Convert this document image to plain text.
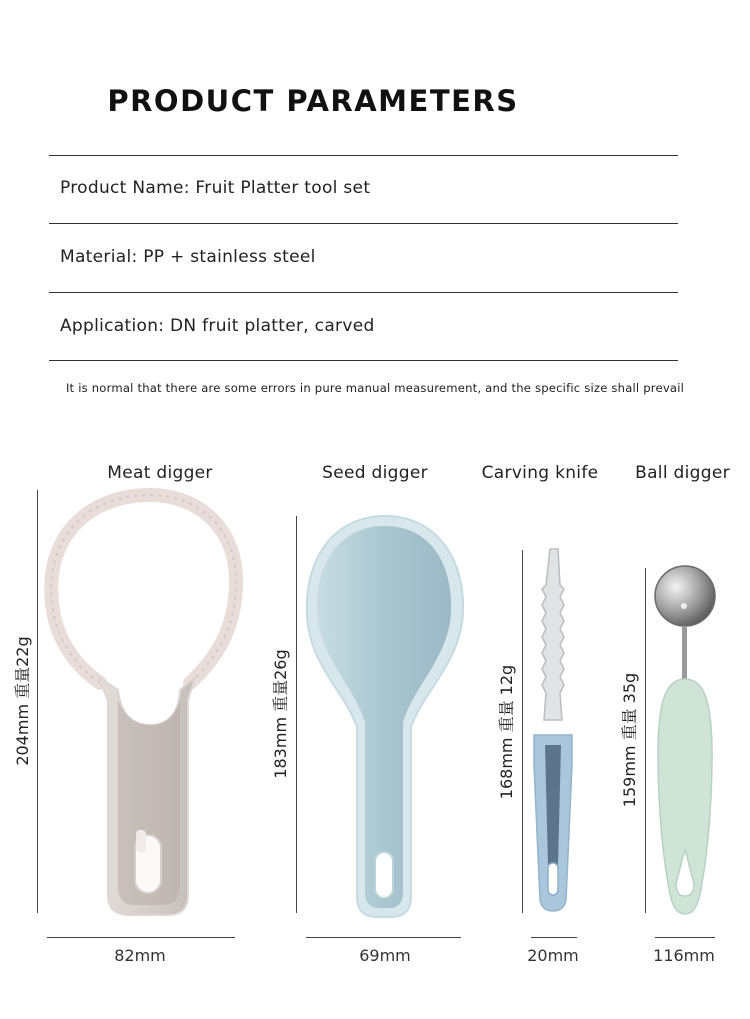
PRODUCT PARAMETERS
Product Name: Fruit Platter tool set
Material: PP + stainless steel
Application: DN fruit platter, carved
It is normal that there are some errors in pure manual measurement, and the specific size shall prevail
Meat digger	Seed digger	Carving knife	Ball digger
204mm 重量22g	183mm 重量26g	168mm 重量 12g	159mm 重量 35g
82mm	69mm	20mm	116mm
